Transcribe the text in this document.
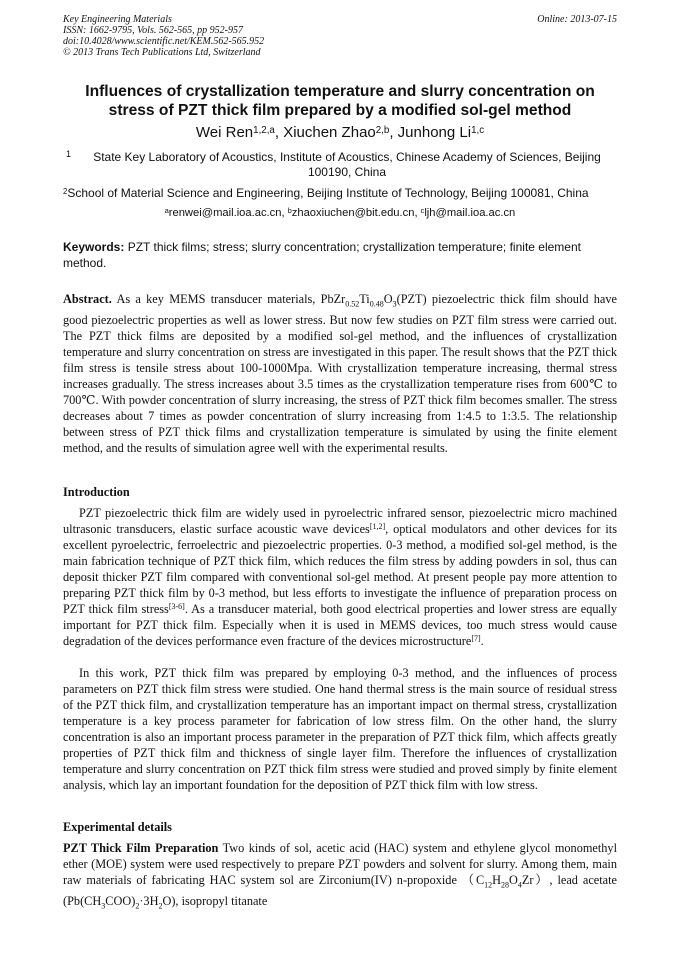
Key Engineering Materials
ISSN: 1662-9795, Vols. 562-565, pp 952-957
doi:10.4028/www.scientific.net/KEM.562-565.952
© 2013 Trans Tech Publications Ltd, Switzerland
Online: 2013-07-15
Influences of crystallization temperature and slurry concentration on stress of PZT thick film prepared by a modified sol-gel method
Wei Ren$^{1,2,a}$, Xiuchen Zhao$^{2,b}$, Junhong Li$^{1,c}$
1	State Key Laboratory of Acoustics, Institute of Acoustics, Chinese Academy of Sciences, Beijing 100190, China
$^2$School of Material Science and Engineering, Beijing Institute of Technology, Beijing 100081, China
$^a$renwei@mail.ioa.ac.cn, $^b$zhaoxiuchen@bit.edu.cn, $^c$ljh@mail.ioa.ac.cn
Keywords: PZT thick films; stress; slurry concentration; crystallization temperature; finite element method.
Abstract. As a key MEMS transducer materials, $PbZr_{0.52}Ti_{0.48}O_3(PZT)$ piezoelectric thick film should have good piezoelectric properties as well as lower stress. But now few studies on PZT film stress were carried out. The PZT thick films are deposited by a modified sol-gel method, and the influences of crystallization temperature and slurry concentration on stress are investigated in this paper. The result shows that the PZT thick film stress is tensile stress about 100-1000Mpa. With crystallization temperature increasing, thermal stress increases gradually. The stress increases about 3.5 times as the crystallization temperature rises from 600℃ to 700℃. With powder concentration of slurry increasing, the stress of PZT thick film becomes smaller. The stress decreases about 7 times as powder concentration of slurry increasing from 1:4.5 to 1:3.5. The relationship between stress of PZT thick films and crystallization temperature is simulated by using the finite element method, and the results of simulation agree well with the experimental results.
Introduction
PZT piezoelectric thick film are widely used in pyroelectric infrared sensor, piezoelectric micro machined ultrasonic transducers, elastic surface acoustic wave devices[1,2], optical modulators and other devices for its excellent pyroelectric, ferroelectric and piezoelectric properties. 0-3 method, a modified sol-gel method, is the main fabrication technique of PZT thick film, which reduces the film stress by adding powders in sol, thus can deposit thicker PZT film compared with conventional sol-gel method. At present people pay more attention to preparing PZT thick film by 0-3 method, but less efforts to investigate the influence of preparation process on PZT thick film stress[3-6]. As a transducer material, both good electrical properties and lower stress are equally important for PZT thick film. Especially when it is used in MEMS devices, too much stress would cause degradation of the devices performance even fracture of the devices microstructure[7].
In this work, PZT thick film was prepared by employing 0-3 method, and the influences of process parameters on PZT thick film stress were studied. One hand thermal stress is the main source of residual stress of the PZT thick film, and crystallization temperature has an important impact on thermal stress, crystallization temperature is a key process parameter for fabrication of low stress film. On the other hand, the slurry concentration is also an important process parameter in the preparation of PZT thick film, which affects greatly properties of PZT thick film and thickness of single layer film. Therefore the influences of crystallization temperature and slurry concentration on PZT thick film stress were studied and proved simply by finite element analysis, which lay an important foundation for the deposition of PZT thick film with low stress.
Experimental details
PZT Thick Film Preparation Two kinds of sol, acetic acid (HAC) system and ethylene glycol monomethyl ether (MOE) system were used respectively to prepare PZT powders and solvent for slurry. Among them, main raw materials of fabricating HAC system sol are Zirconium(IV) n-propoxide $(C_{12}H_{28}O_4Zr)$, lead acetate $(Pb(CH_3COO)_2\cdot 3H_2O)$, isopropyl titanate
